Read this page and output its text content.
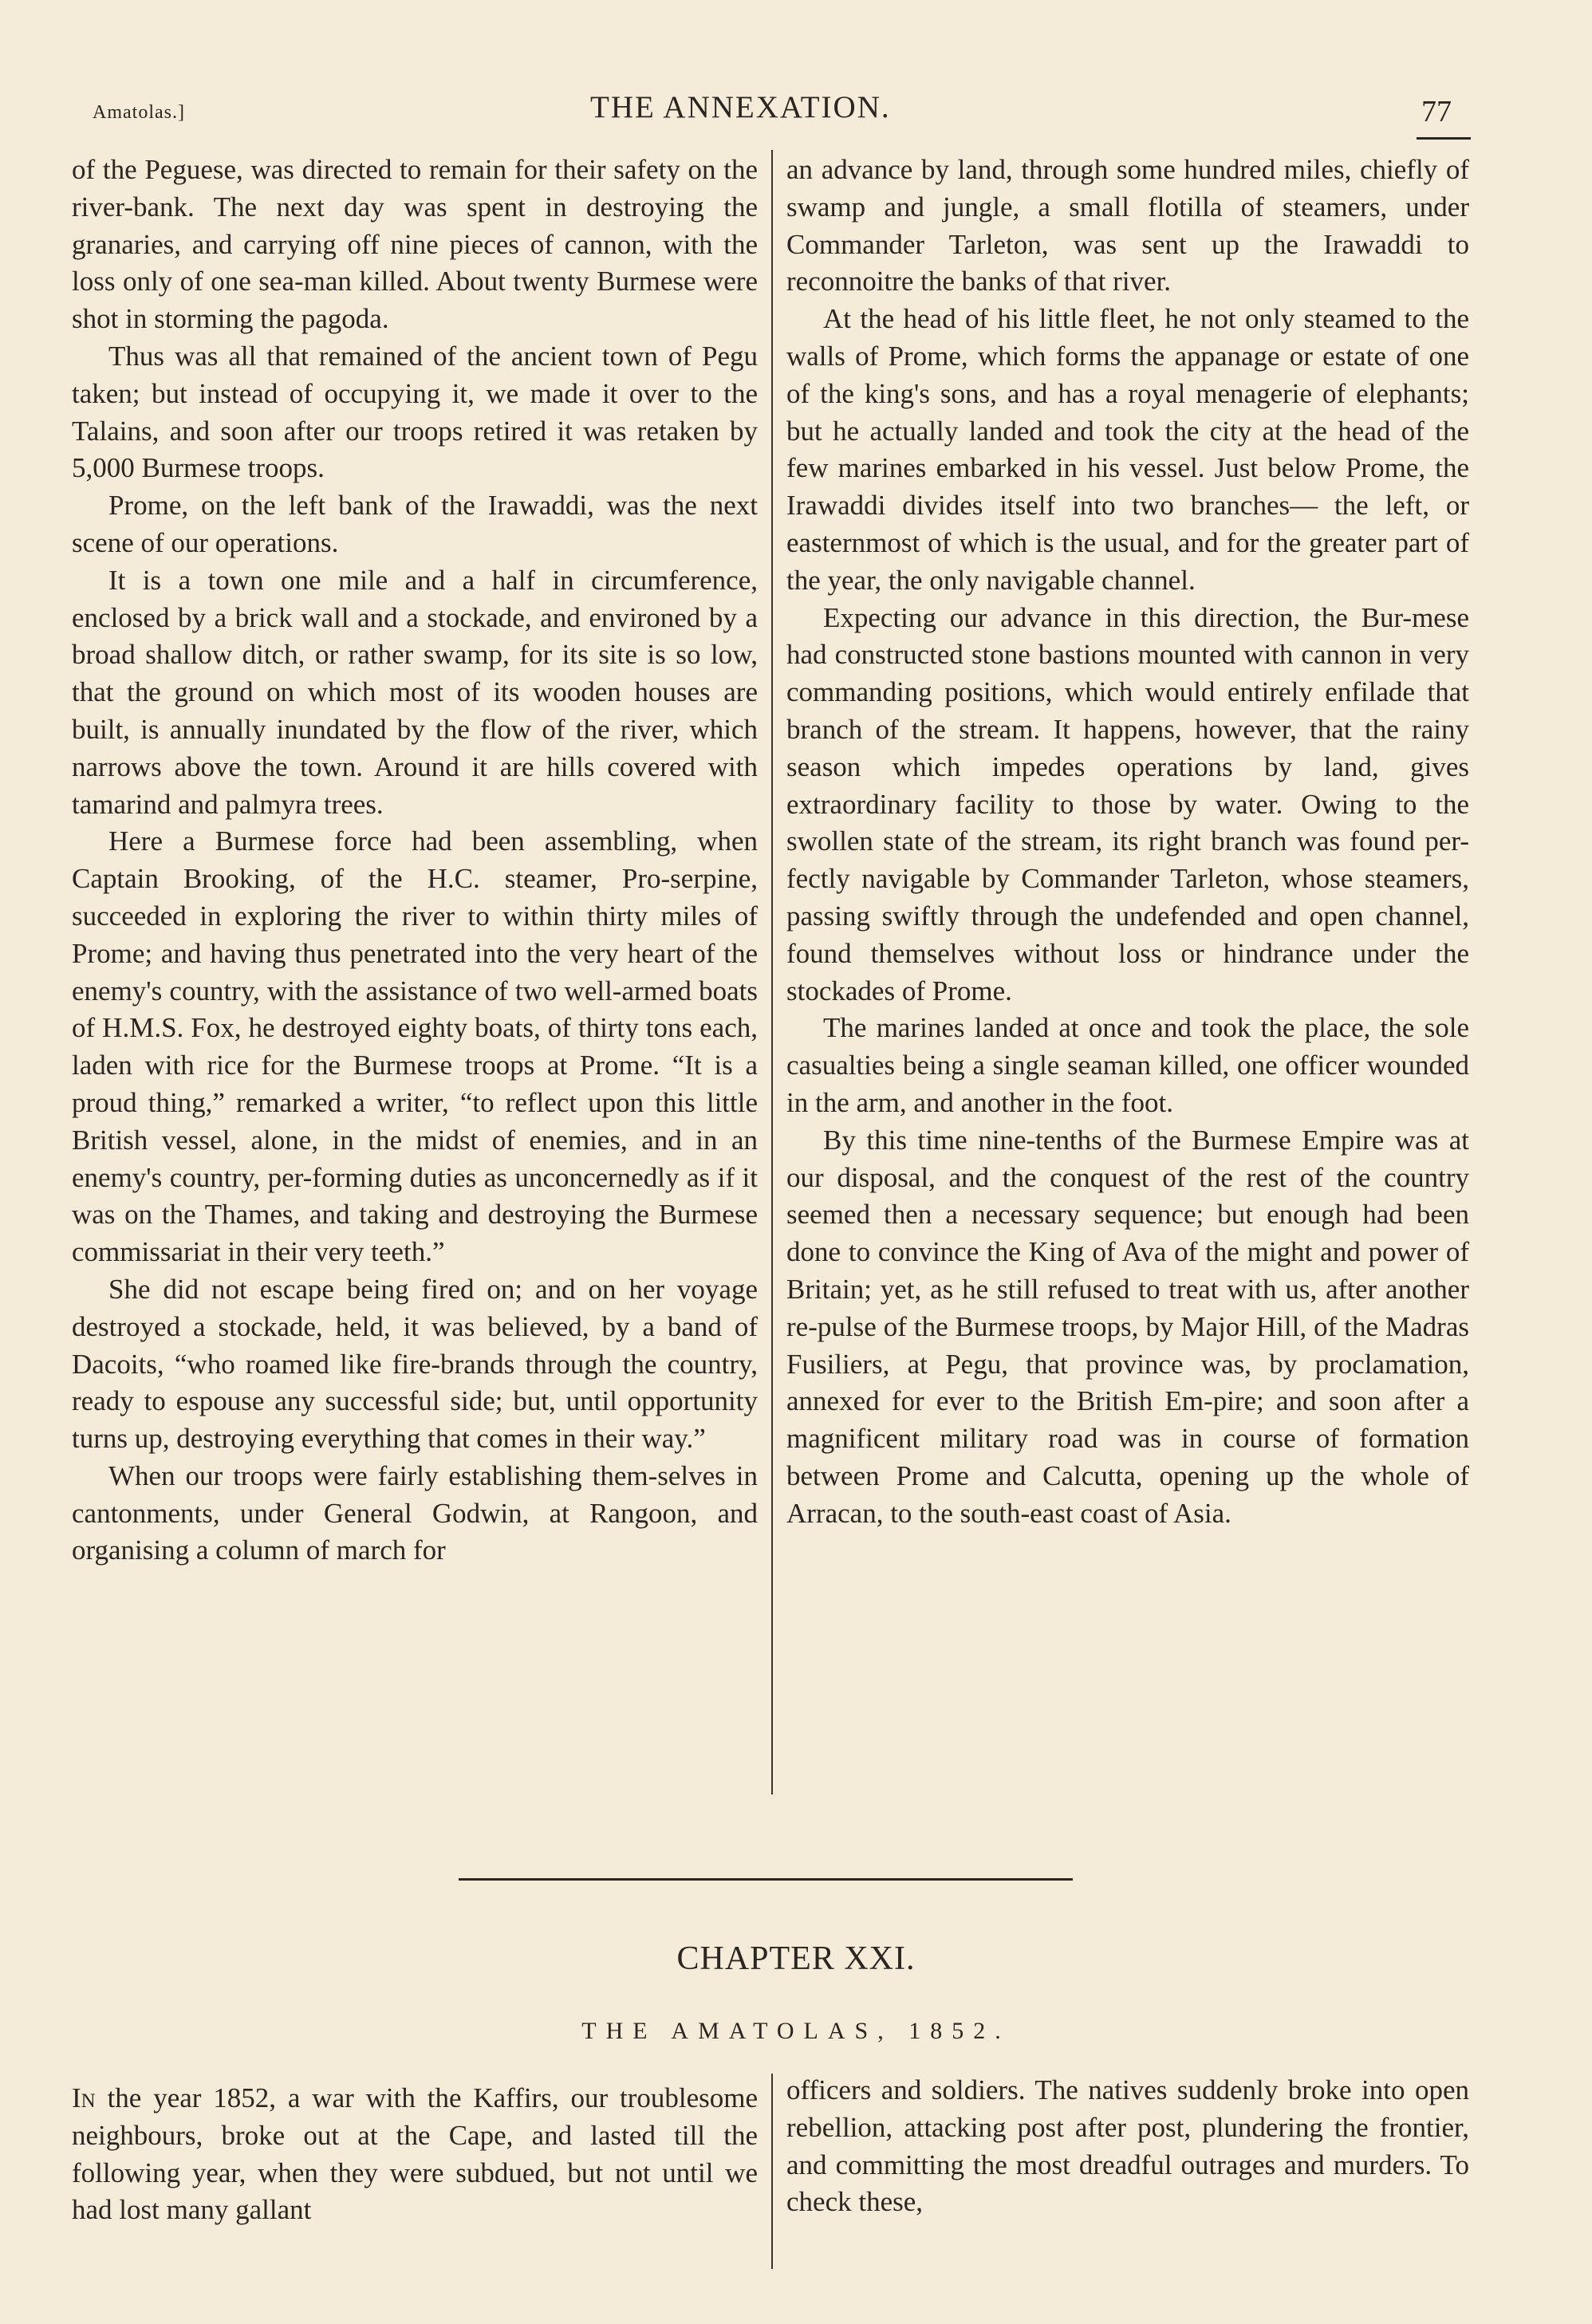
Amatolas.]	THE ANNEXATION.	77

of the Peguese, was directed to remain for their safety on the river-bank. The next day was spent in destroying the granaries, and carrying off nine pieces of cannon, with the loss only of one sea-man killed. About twenty Burmese were shot in storming the pagoda.

Thus was all that remained of the ancient town of Pegu taken; but instead of occupying it, we made it over to the Talains, and soon after our troops retired it was retaken by 5,000 Burmese troops.

Prome, on the left bank of the Irawaddi, was the next scene of our operations.

It is a town one mile and a half in circumference, enclosed by a brick wall and a stockade, and environed by a broad shallow ditch, or rather swamp, for its site is so low, that the ground on which most of its wooden houses are built, is annually inundated by the flow of the river, which narrows above the town. Around it are hills covered with tamarind and palmyra trees.

Here a Burmese force had been assembling, when Captain Brooking, of the H.C. steamer, Pro-serpine, succeeded in exploring the river to within thirty miles of Prome; and having thus penetrated into the very heart of the enemy's country, with the assistance of two well-armed boats of H.M.S. Fox, he destroyed eighty boats, of thirty tons each, laden with rice for the Burmese troops at Prome. “It is a proud thing,” remarked a writer, “to reflect upon this little British vessel, alone, in the midst of enemies, and in an enemy's country, per-forming duties as unconcernedly as if it was on the Thames, and taking and destroying the Burmese commissariat in their very teeth.”

She did not escape being fired on; and on her voyage destroyed a stockade, held, it was believed, by a band of Dacoits, “who roamed like fire-brands through the country, ready to espouse any successful side; but, until opportunity turns up, destroying everything that comes in their way.”

When our troops were fairly establishing them-selves in cantonments, under General Godwin, at Rangoon, and organising a column of march for

an advance by land, through some hundred miles, chiefly of swamp and jungle, a small flotilla of steamers, under Commander Tarleton, was sent up the Irawaddi to reconnoitre the banks of that river.

At the head of his little fleet, he not only steamed to the walls of Prome, which forms the appanage or estate of one of the king's sons, and has a royal menagerie of elephants; but he actually landed and took the city at the head of the few marines embarked in his vessel. Just below Prome, the Irawaddi divides itself into two branches— the left, or easternmost of which is the usual, and for the greater part of the year, the only navigable channel.

Expecting our advance in this direction, the Bur-mese had constructed stone bastions mounted with cannon in very commanding positions, which would entirely enfilade that branch of the stream. It happens, however, that the rainy season which impedes operations by land, gives extraordinary facility to those by water. Owing to the swollen state of the stream, its right branch was found per-fectly navigable by Commander Tarleton, whose steamers, passing swiftly through the undefended and open channel, found themselves without loss or hindrance under the stockades of Prome.

The marines landed at once and took the place, the sole casualties being a single seaman killed, one officer wounded in the arm, and another in the foot.

By this time nine-tenths of the Burmese Empire was at our disposal, and the conquest of the rest of the country seemed then a necessary sequence; but enough had been done to convince the King of Ava of the might and power of Britain; yet, as he still refused to treat with us, after another re-pulse of the Burmese troops, by Major Hill, of the Madras Fusiliers, at Pegu, that province was, by proclamation, annexed for ever to the British Em-pire; and soon after a magnificent military road was in course of formation between Prome and Calcutta, opening up the whole of Arracan, to the south-east coast of Asia.

CHAPTER XXI.
THE AMATOLAS, 1852.

In the year 1852, a war with the Kaffirs, our troublesome neighbours, broke out at the Cape, and lasted till the following year, when they were subdued, but not until we had lost many gallant

officers and soldiers. The natives suddenly broke into open rebellion, attacking post after post, plundering the frontier, and committing the most dreadful outrages and murders. To check these,
